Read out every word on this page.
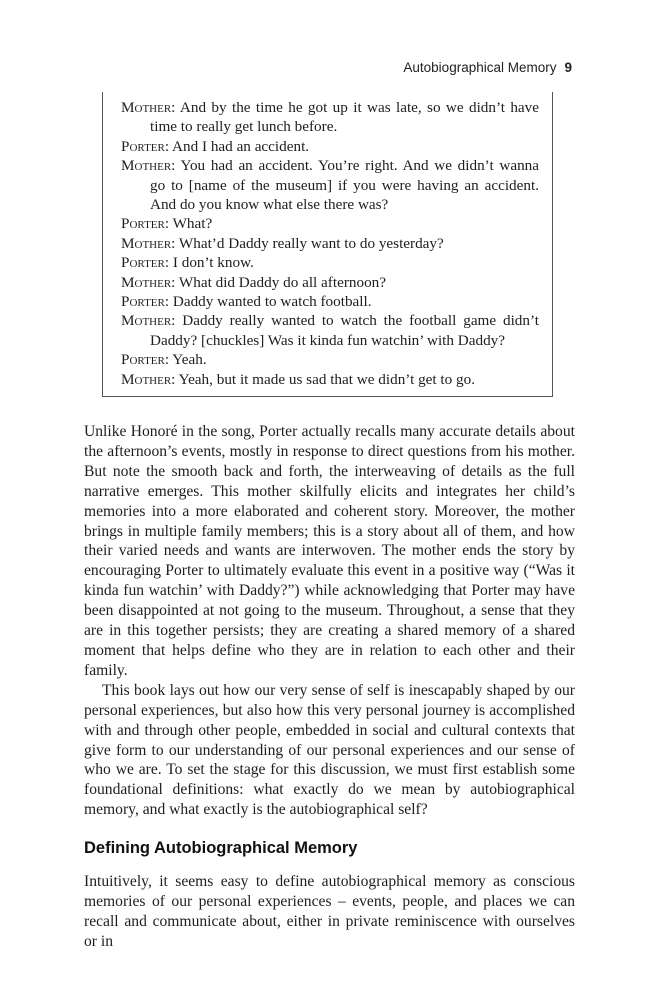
Autobiographical Memory 9
Mother: And by the time he got up it was late, so we didn’t have time to really get lunch before.
Porter: And I had an accident.
Mother: You had an accident. You’re right. And we didn’t wanna go to [name of the museum] if you were having an accident. And do you know what else there was?
Porter: What?
Mother: What’d Daddy really want to do yesterday?
Porter: I don’t know.
Mother: What did Daddy do all afternoon?
Porter: Daddy wanted to watch football.
Mother: Daddy really wanted to watch the football game didn’t Daddy? [chuckles] Was it kinda fun watchin’ with Daddy?
Porter: Yeah.
Mother: Yeah, but it made us sad that we didn’t get to go.

Unlike Honoré in the song, Porter actually recalls many accurate details about the afternoon’s events, mostly in response to direct questions from his mother. But note the smooth back and forth, the interweaving of details as the full narrative emerges. This mother skilfully elicits and integrates her child’s memories into a more elaborated and coherent story. Moreover, the mother brings in multiple family members; this is a story about all of them, and how their varied needs and wants are interwoven. The mother ends the story by encouraging Porter to ultimately evaluate this event in a positive way (“Was it kinda fun watchin’ with Daddy?”) while acknowledging that Porter may have been disappointed at not going to the museum. Throughout, a sense that they are in this together persists; they are creating a shared memory of a shared moment that helps define who they are in relation to each other and their family.

This book lays out how our very sense of self is inescapably shaped by our personal experiences, but also how this very personal journey is accomplished with and through other people, embedded in social and cultural contexts that give form to our understanding of our personal experiences and our sense of who we are. To set the stage for this discussion, we must first establish some foundational definitions: what exactly do we mean by autobiographical memory, and what exactly is the autobiographical self?

Defining Autobiographical Memory

Intuitively, it seems easy to define autobiographical memory as conscious memories of our personal experiences – events, people, and places we can recall and communicate about, either in private reminiscence with ourselves or in
